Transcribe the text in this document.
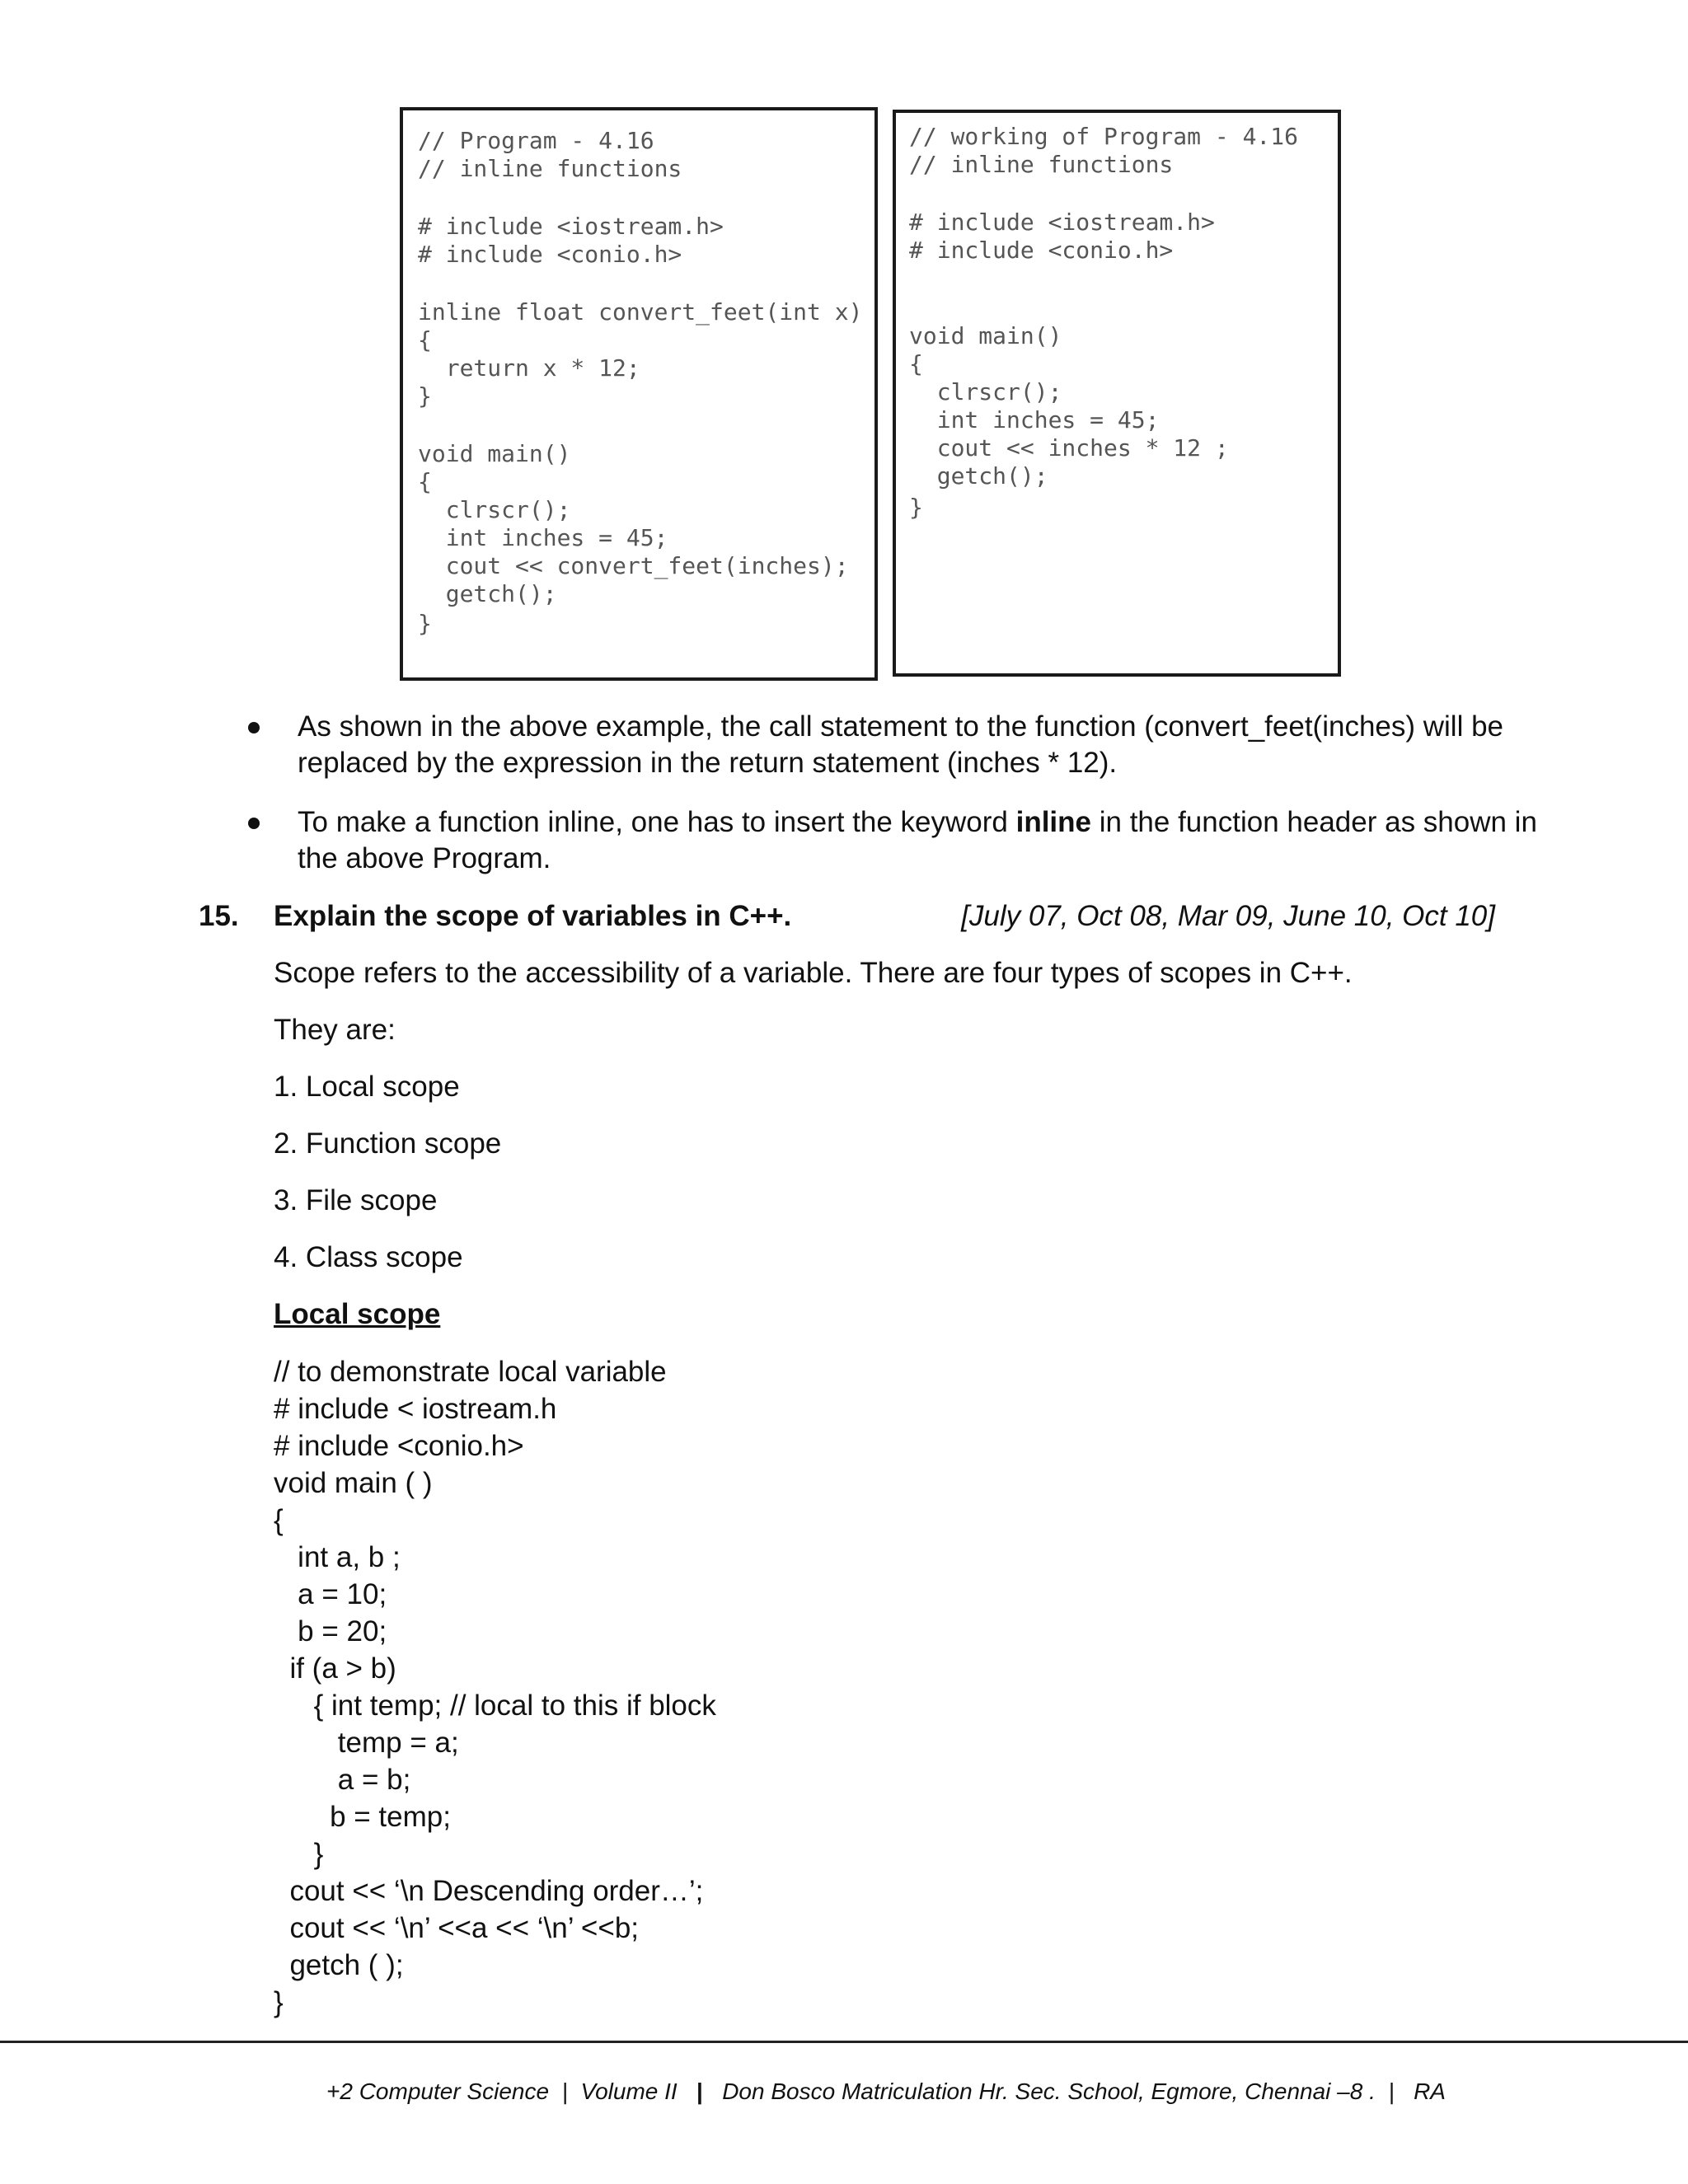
// Program - 4.16
// inline functions
# include <iostream.h>
# include <conio.h>
inline float convert_feet(int x)
{
return x * 12;
}
void main()
{
clrscr();
int inches = 45;
cout << convert_feet(inches);
getch();
}
// working of Program - 4.16
// inline functions
# include <iostream.h>
# include <conio.h>
void main()
{
clrscr();
int inches = 45;
cout << inches * 12 ;
getch();
}
As shown in the above example, the call statement to the function (convert_feet(inches) will be
replaced by the expression in the return statement (inches * 12).
To make a function inline, one has to insert the keyword inline in the function header as shown in
the above Program.
15. Explain the scope of variables in C++.	[July 07, Oct 08, Mar 09, June 10, Oct 10]
Scope refers to the accessibility of a variable. There are four types of scopes in C++.
They are:
1. Local scope
2. Function scope
3. File scope
4. Class scope
Local scope
// to demonstrate local variable
# include < iostream.h
# include <conio.h>
void main ( )
{
int a, b ;
a = 10;
b = 20;
if (a > b)
{ int temp; // local to this if block
temp = a;
a = b;
b = temp;
}
cout << ‘\n Descending order…’;
cout << ‘\n’ <<a << ‘\n’ <<b;
getch ( );
}

+2 Computer Science  |  Volume II   |   Don Bosco Matriculation Hr. Sec. School, Egmore, Chennai –8 .  |   RA
